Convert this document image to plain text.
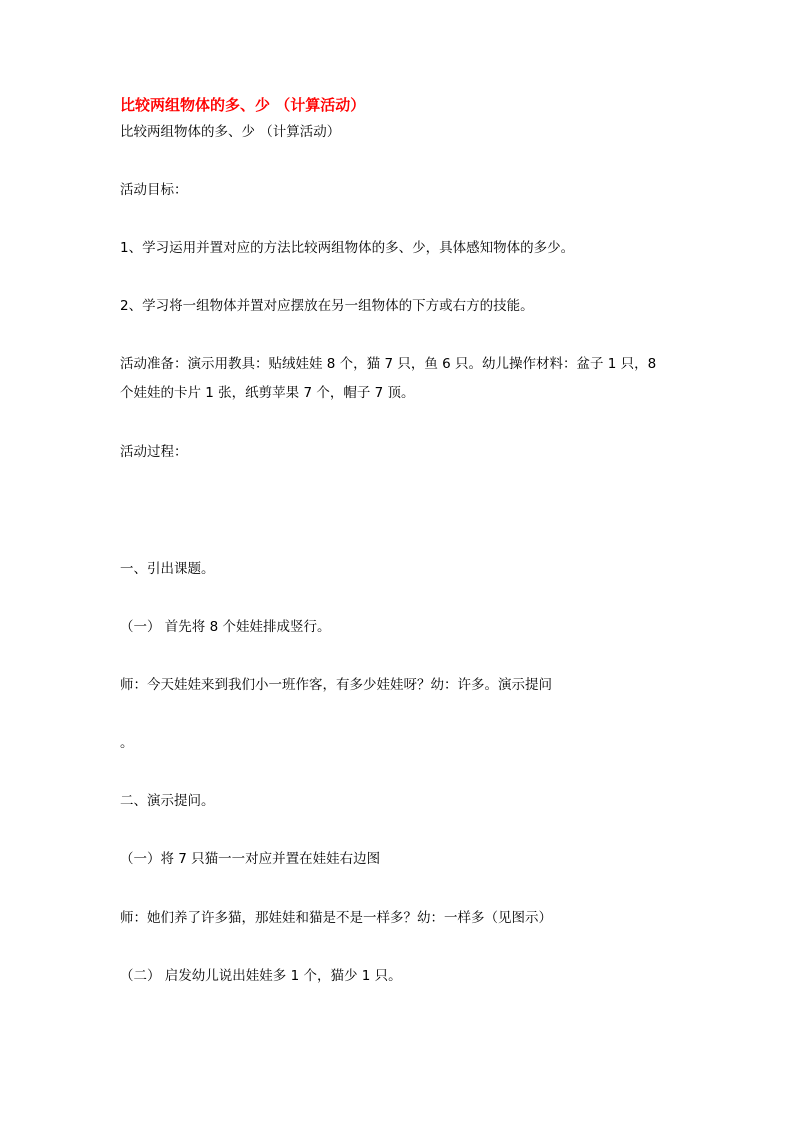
比较两组物体的多、少 （计算活动）

比较两组物体的多、少 （计算活动）

活动目标：

1、学习运用并置对应的方法比较两组物体的多、少，具体感知物体的多少。

2、学习将一组物体并置对应摆放在另一组物体的下方或右方的技能。

活动准备：演示用教具：贴绒娃娃 8 个，猫 7 只，鱼 6 只。幼儿操作材料：盆子 1 只，8

个娃娃的卡片 1 张，纸剪苹果 7 个，帽子 7 顶。

活动过程：

一、引出课题。

（一） 首先将 8 个娃娃排成竖行。

师：今天娃娃来到我们小一班作客，有多少娃娃呀？幼：许多。演示提问

。

二、演示提问。

（一）将 7 只猫一一对应并置在娃娃右边图

师：她们养了许多猫，那娃娃和猫是不是一样多？幼：一样多（见图示）

（二） 启发幼儿说出娃娃多 1 个，猫少 1 只。
